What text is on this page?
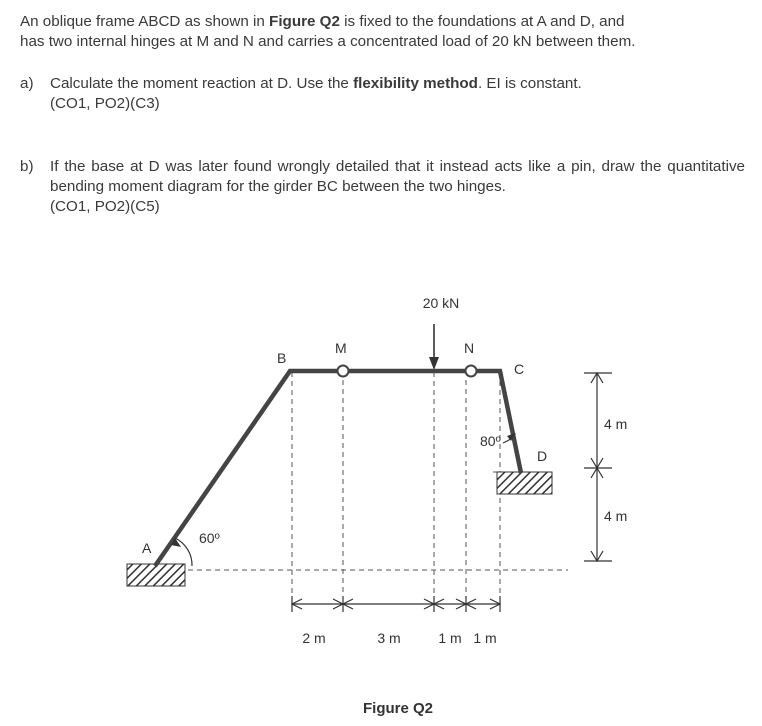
An oblique frame ABCD as shown in Figure Q2 is fixed to the foundations at A and D, and
has two internal hinges at M and N and carries a concentrated load of 20 kN between them.

a) Calculate the moment reaction at D. Use the flexibility method. EI is constant.
(CO1, PO2)(C3)
b) If the base at D was later found wrongly detailed that it instead acts like a pin, draw the quantitative bending moment diagram for the girder BC between the two hinges.
(CO1, PO2)(C5)
20 kN
A
B
M	N
C
D
60º
80º
4 m
4 m
2 m	3 m	1 m 1 m
Figure Q2
